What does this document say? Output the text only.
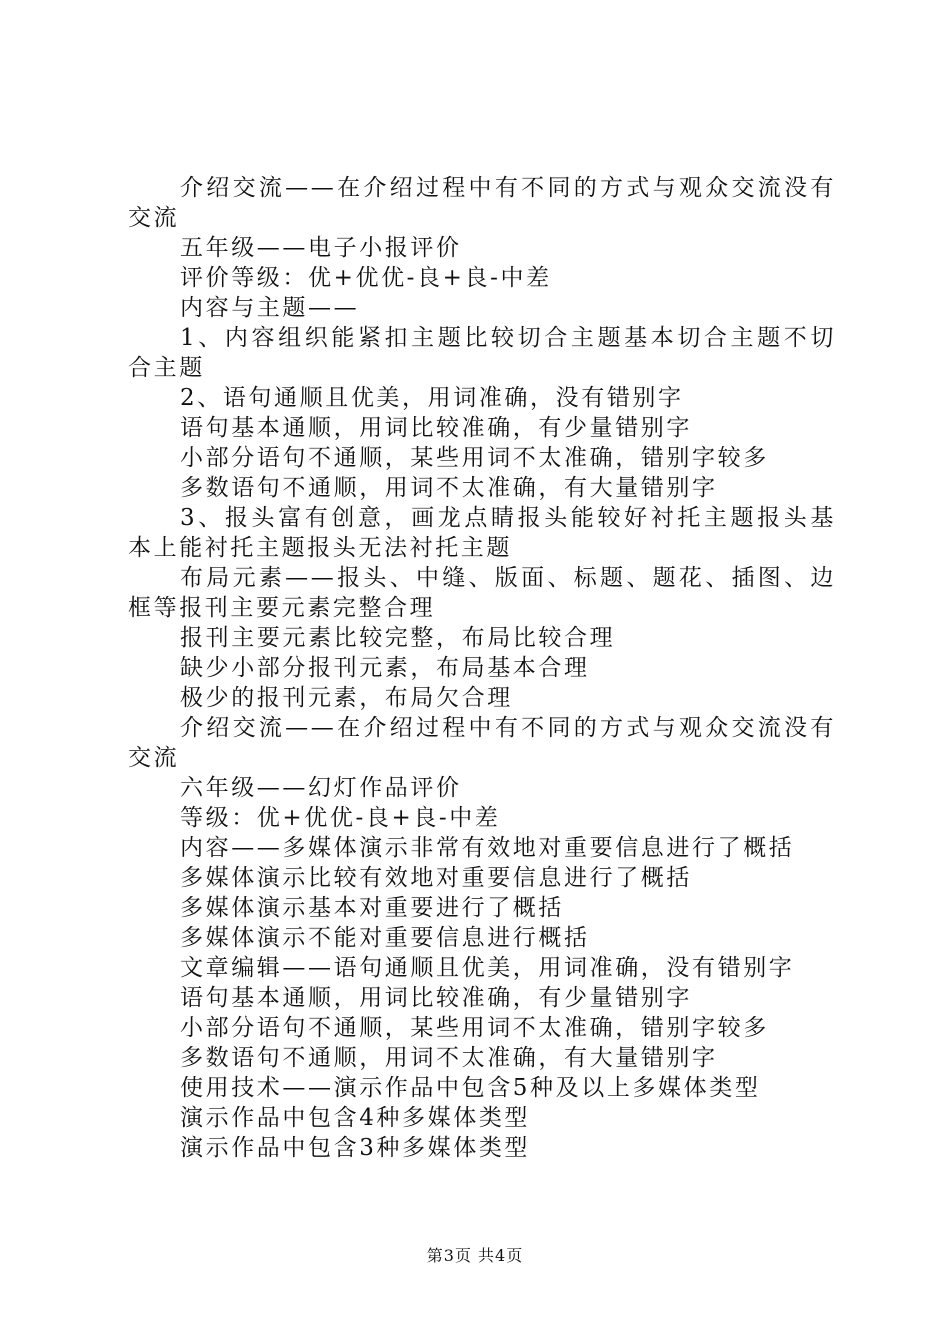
介绍交流——在介绍过程中有不同的方式与观众交流没有交流

五年级——电子小报评价

评价等级：优+优优-良+良-中差

内容与主题——

1、内容组织能紧扣主题比较切合主题基本切合主题不切合主题

2、语句通顺且优美，用词准确，没有错别字

语句基本通顺，用词比较准确，有少量错别字

小部分语句不通顺，某些用词不太准确，错别字较多

多数语句不通顺，用词不太准确，有大量错别字

3、报头富有创意，画龙点睛报头能较好衬托主题报头基本上能衬托主题报头无法衬托主题

布局元素——报头、中缝、版面、标题、题花、插图、边框等报刊主要元素完整合理

报刊主要元素比较完整，布局比较合理

缺少小部分报刊元素，布局基本合理

极少的报刊元素，布局欠合理

介绍交流——在介绍过程中有不同的方式与观众交流没有交流

六年级——幻灯作品评价

等级：优+优优-良+良-中差

内容——多媒体演示非常有效地对重要信息进行了概括

多媒体演示比较有效地对重要信息进行了概括

多媒体演示基本对重要进行了概括

多媒体演示不能对重要信息进行概括

文章编辑——语句通顺且优美，用词准确，没有错别字

语句基本通顺，用词比较准确，有少量错别字

小部分语句不通顺，某些用词不太准确，错别字较多

多数语句不通顺，用词不太准确，有大量错别字

使用技术——演示作品中包含5种及以上多媒体类型

演示作品中包含4种多媒体类型

演示作品中包含3种多媒体类型

第3页 共4页
